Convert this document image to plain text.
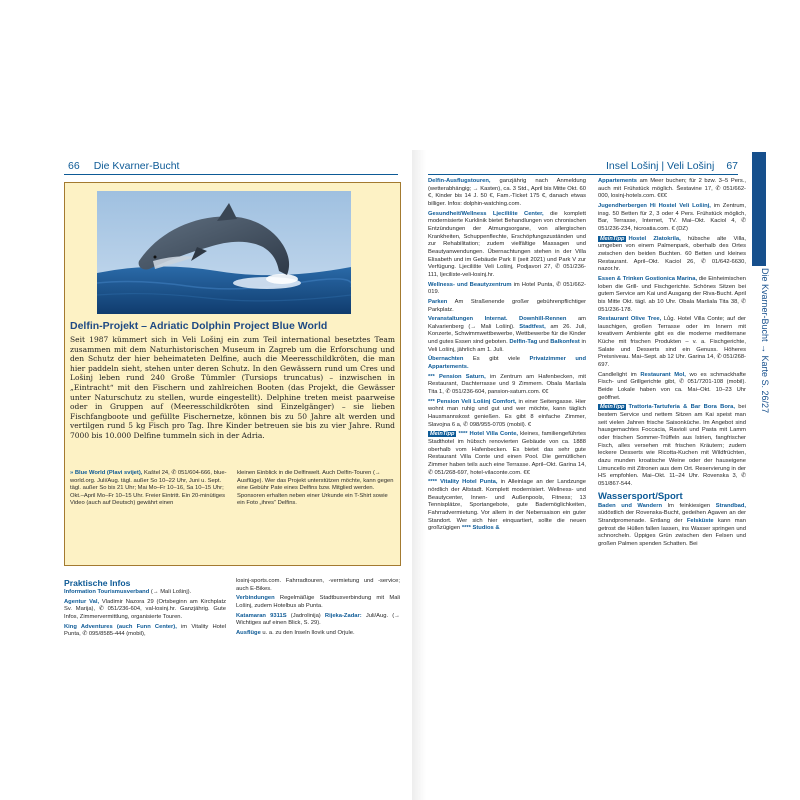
66 Die Kvarner-Bucht	Insel Lošinj | Veli Lošinj 67
Die Kvarner-Bucht → Karte S. 26/27
Delfin-Projekt – Adriatic Dolphin Project Blue World
Seit 1987 kümmert sich in Veli Lošinj ein zum Teil international besetztes Team zusammen mit dem Naturhistorischen Museum in Zagreb um die Erforschung und den Schutz der hier beheimateten Delfine, auch die Meeresschildkröten, die man hier paddeln sieht, stehen unter deren Schutz. In den Gewässern rund um Cres und Lošinj leben rund 240 Große Tümmler (Tursiops truncatus) – inzwischen in „Eintracht“ mit den Fischern und zahlreichen Booten (das Projekt, die Gewässer unter Naturschutz zu stellen, wurde eingestellt). Delphine treten meist paarweise oder in Gruppen auf (Meeresschildkröten sind Einzelgänger) – sie lieben Fischfangboote und gefüllte Fischernetze, können bis zu 50 Jahre alt werden und vertilgen rund 5 kg Fisch pro Tag. Ihre Kinder betreuen sie bis zu vier Jahre. Rund 7000 bis 10.000 Delfine tummeln sich in der Adria.
» Blue World (Plavi svijet), Kaštel 24, ✆ 051/604-666, blue-world.org. Juli/Aug. tägl. außer So 10–22 Uhr, Juni u. Sept. tägl. außer So bis 21 Uhr; Mai Mo–Fr 10–16, Sa 10–15 Uhr; Okt.–April Mo–Fr 10–15 Uhr. Freier Eintritt. Ein 20-minütiges Video (auch auf Deutsch) gewährt einen
kleinen Einblick in die Delfinwelt. Auch Delfin-Touren (→ Ausflüge). Wer das Projekt unterstützen möchte, kann gegen eine Gebühr Pate eines Delfins bzw. Mitglied werden. Sponsoren erhalten neben einer Urkunde ein T-Shirt sowie ein Foto „ihres“ Delfins.
Praktische Infos

Information Tourismusverband (→ Mali Lošinj).

Agentur Val, Vladimir Nazora 29 (Ortsbeginn am Kirchplatz Sv. Marija), ✆ 051/236-604, val-losinj.hr. Ganzjährig. Gute Infos, Zimmervermittlung, organisierte Touren.

King Adventures (auch Funn Center), im Vitality Hotel Punta, ✆ 095/8585-444 (mobil),

losinj-sports.com. Fahrradtouren, -vermietung und -service; auch E-Bikes.

Verbindungen Regelmäßige Stadtbusverbindung mit Mali Lošinj, zudem Hotelbus ab Punta.

Katamaran 9311S (Jadrolinija) Rijeka-Zadar: Juli/Aug. (→ Wichtiges auf einen Blick, S. 29).

Ausflüge u. a. zu den Inseln Ilovik und Orjule.

Delfin-Ausflugstouren, ganzjährig nach Anmeldung (wetterabhängig; → Kasten), ca. 3 Std., April bis Mitte Okt. 60 €, Kinder bis 14 J. 50 €, Fam.-Ticket 175 €, danach etwas billiger. Infos: dolphin-watching.com.

Gesundheit/Wellness Ljecilište Center, die komplett modernisierte Kurklinik bietet Behandlungen von chronischen Entzündungen der Atmungsorgane, von allergischen Krankheiten, Schuppenflechte, Erschöpfungszuständen und zur Rehabilitation; zudem vielfältige Massagen und Beautyanwendungen. Übernachtungen stehen in der Villa Elisabeth und im Gebäude Park II (seit 2021) und Park V zur Verfügung. Ljecilište Veli Lošinj, Podjavori 27, ✆ 051/236-111, ljeciliste-veli-losinj.hr.

Wellness- und Beautyzentrum im Hotel Punta, ✆ 051/662-019.

Parken Am Straßenende großer gebührenpflichtiger Parkplatz.

Veranstaltungen Internat. Downhill-Rennen am Kalvarienberg (→ Mali Lošinj). Stadtfest, am 26. Juli, Konzerte, Schwimmwettbewerbe, Wettbewerbe für die Kinder und gutes Essen sind geboten. Delfin-Tag und Balkonfest in Veli Lošinj, jährlich am 1. Juli.

Übernachten Es gibt viele Privatzimmer und Appartements.

*** Pension Saturn, im Zentrum am Hafenbecken, mit Restaurant, Dachterrasse und 9 Zimmern. Obala Maršala Tita 1, ✆ 051/236-604, pansion-saturn.com. €€

*** Pension Veli Lošinj Comfort, in einer Seitengasse. Hier wohnt man ruhig und gut und wer möchte, kann täglich Hausmannskost genießen. Es gibt 8 einfache Zimmer, Slavojna 6 a, ✆ 098/955-0705 (mobil). €

MeinTipp **** Hotel Villa Conte, kleines, familiengeführtes Stadthotel im hübsch renovierten Gebäude von ca. 1888 oberhalb vom Hafenbecken. Es bietet das sehr gute Restaurant Villa Conte und einen Pool. Die gemütlichen Zimmer haben teils auch eine Terrasse. April–Okt. Garina 14, ✆ 051/268-697, hotel-vilaconte.com. €€

**** Vitality Hotel Punta, in Alleinlage an der Landzunge nördlich der Altstadt. Komplett modernisiert. Wellness- und Beautycenter, Innen- und Außenpools, Fitness; 13 Tennisplätze, Sportangebote, gute Bademöglichkeiten, Fahrradvermietung. Vor allem in der Nebensaison ein guter Standort. Wer sich hier einquartiert, sollte die neuen großzügigen **** Studios &

Appartements am Meer buchen; für 2 bzw. 3–5 Pers., auch mit Frühstück möglich. Šestavine 17, ✆ 051/662-000, losinj-hotels.com. €€€

Jugendherbergen Hi Hostel Veli Lošinj, im Zentrum, insg. 50 Betten für 2, 3 oder 4 Pers. Frühstück möglich, Bar, Terrasse, Internet, TV. Mai–Okt. Kaciol 4, ✆ 051/236-234, hicroatia.com. € (DZ)

MeinTipp Hostel Zlatokrila, hübsche alte Villa, umgeben von einem Palmenpark, oberhalb des Ortes zwischen den beiden Buchten. 60 Betten und kleines Restaurant. April–Okt. Kaciol 26, ✆ 01/642-6630, nazor.hr.

Essen & Trinken Gostionica Marina, die Einheimischen loben die Grill- und Fischgerichte. Schönes Sitzen bei gutem Service am Kai und Ausgang der Riva-Bucht. April bis Mitte Okt. tägl. ab 10 Uhr. Obala Maršala Tita 38, ✆ 051/236-178.

Restaurant Olive Tree, Lůg. Hotel Villa Conte; auf der lauschigen, großen Terrasse oder im Innern mit kreativem Ambiente gibt es die moderne mediterrane Küche mit frischen Produkten – v. a. Fischgerichte, Salate und Desserts sind ein Genuss. Höheres Preisniveau. Mai–Sept. ab 12 Uhr. Garina 14, ✆ 051/268-697.

Candlelight im Restaurant Mol, wo es schmackhafte Fisch- und Grillgerichte gibt, ✆ 051/7201-108 (mobil). Beide Lokale haben von ca. Mai–Okt. 10–23 Uhr geöffnet.

MeinTipp Trattoria-Tartuferia & Bar Bora Bora, bei bestem Service und nettem Sitzen am Kai speist man seit vielen Jahren frische Saisonküche. Im Angebot sind hausgemachtes Foccacia, Ravioli und Pasta mit Lamm oder frischen Sommer-Trüffeln aus Istrien, fangfrischer Fisch, alles versehen mit frischen Kräutern; zudem leckere Desserts wie Ricotta-Kuchen mit Wildfrüchten, dazu munden kroatische Weine oder der hauseigene Limuncello mit Zitronen aus dem Ort. Reservierung in der HS empfohlen. Mai–Okt. 11–24 Uhr. Rovenska 3, ✆ 051/867-544.

Wassersport/Sport

Baden und Wandern Im feinkiesigen Strandbad, südöstlich der Rovenska-Bucht, gedeihen Agaven an der Strandpromenade. Entlang der Felsküste kann man getrost die Hüllen fallen lassen, ins Wasser springen und schnorcheln. Üppiges Grün zwischen den Felsen und großen Palmen spenden Schatten. Bei
